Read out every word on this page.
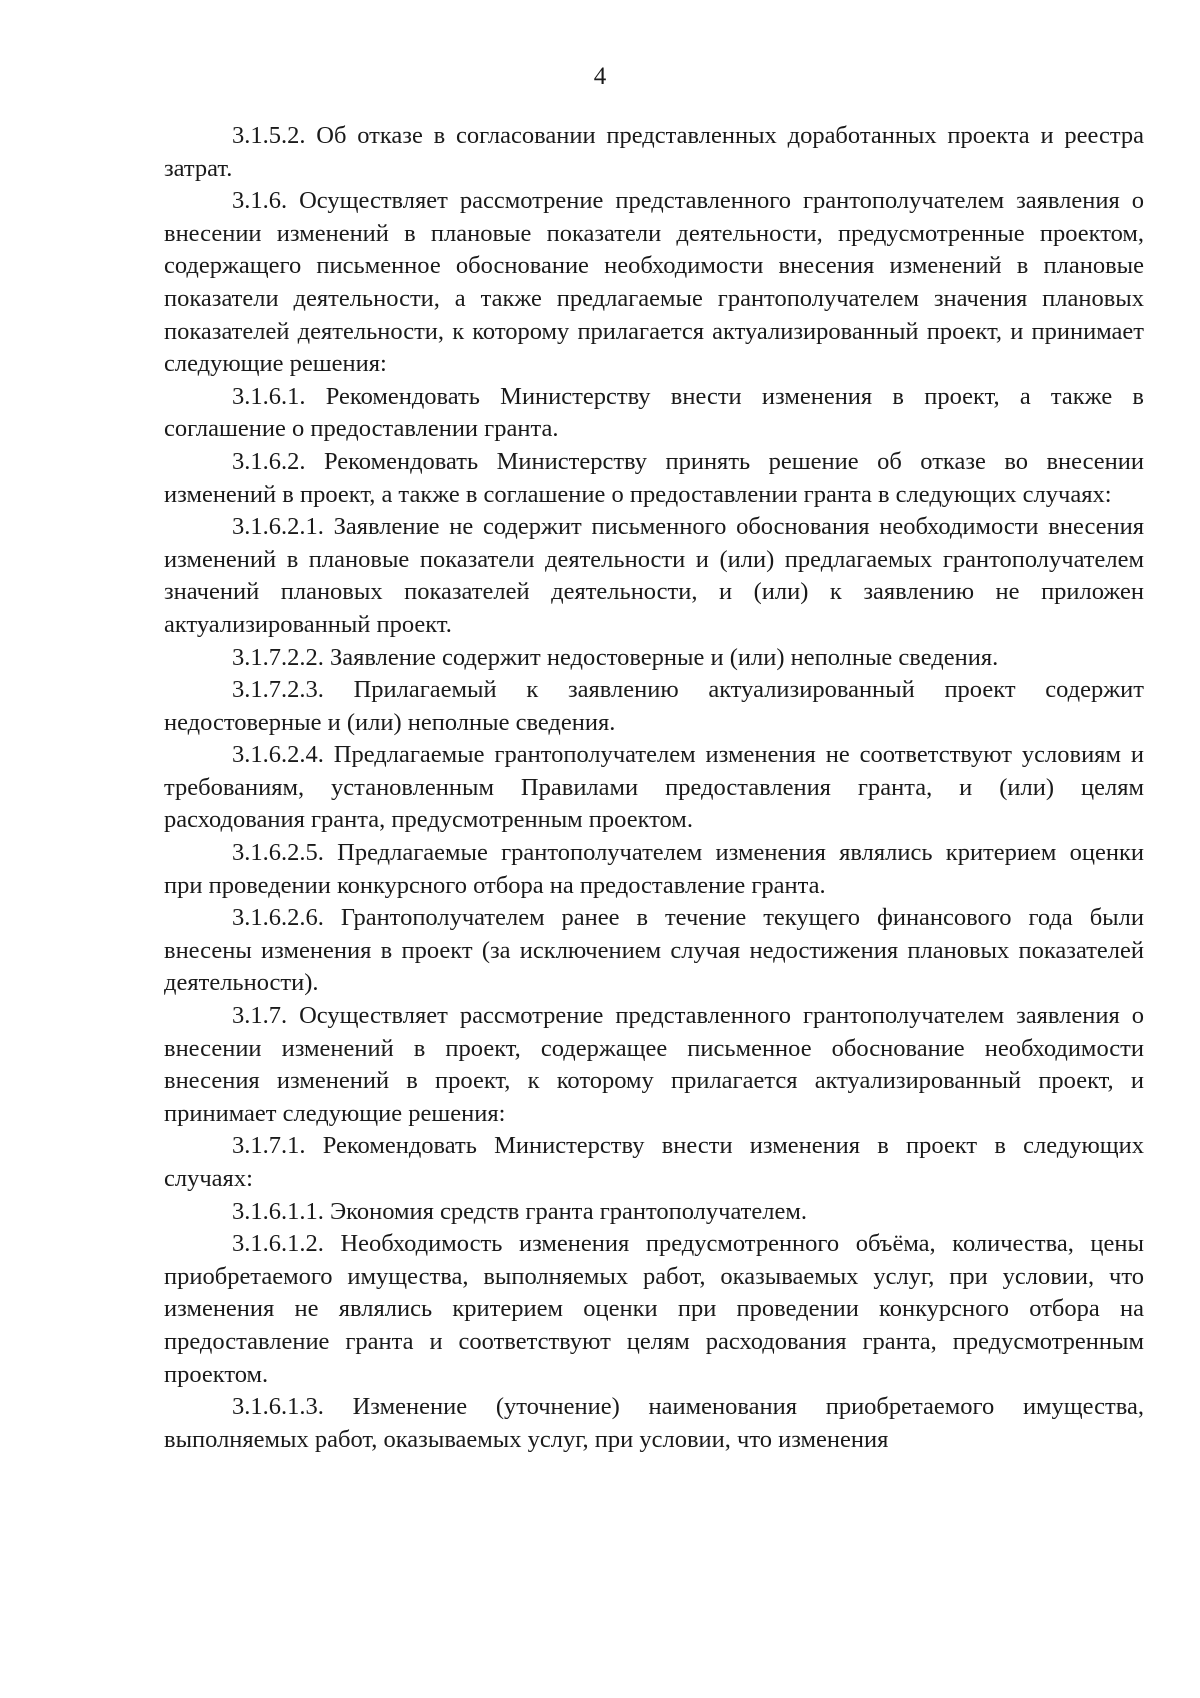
4

3.1.5.2. Об отказе в согласовании представленных доработанных проекта и реестра затрат.

3.1.6. Осуществляет рассмотрение представленного грантополучателем заявления о внесении изменений в плановые показатели деятельности, предусмотренные проектом, содержащего письменное обоснование необходимости внесения изменений в плановые показатели деятельности, а также предлагаемые грантополучателем значения плановых показателей деятельности, к которому прилагается актуализированный проект, и принимает следующие решения:

3.1.6.1. Рекомендовать Министерству внести изменения в проект, а также в соглашение о предоставлении гранта.

3.1.6.2. Рекомендовать Министерству принять решение об отказе во внесении изменений в проект, а также в соглашение о предоставлении гранта в следующих случаях:

3.1.6.2.1. Заявление не содержит письменного обоснования необходимости внесения изменений в плановые показатели деятельности и (или) предлагаемых грантополучателем значений плановых показателей деятельности, и (или) к заявлению не приложен актуализированный проект.

3.1.7.2.2. Заявление содержит недостоверные и (или) неполные сведения.

3.1.7.2.3. Прилагаемый к заявлению актуализированный проект содержит недостоверные и (или) неполные сведения.

3.1.6.2.4. Предлагаемые грантополучателем изменения не соответствуют условиям и требованиям, установленным Правилами предоставления гранта, и (или) целям расходования гранта, предусмотренным проектом.

3.1.6.2.5. Предлагаемые грантополучателем изменения являлись критерием оценки при проведении конкурсного отбора на предоставление гранта.

3.1.6.2.6. Грантополучателем ранее в течение текущего финансового года были внесены изменения в проект (за исключением случая недостижения плановых показателей деятельности).

3.1.7. Осуществляет рассмотрение представленного грантополучателем заявления о внесении изменений в проект, содержащее письменное обоснование необходимости внесения изменений в проект, к которому прилагается актуализированный проект, и принимает следующие решения:

3.1.7.1. Рекомендовать Министерству внести изменения в проект в следующих случаях:

3.1.6.1.1. Экономия средств гранта грантополучателем.

3.1.6.1.2. Необходимость изменения предусмотренного объёма, количества, цены приобретаемого имущества, выполняемых работ, оказываемых услуг, при условии, что изменения не являлись критерием оценки при проведении конкурсного отбора на предоставление гранта и соответствуют целям расходования гранта, предусмотренным проектом.

3.1.6.1.3. Изменение (уточнение) наименования приобретаемого имущества, выполняемых работ, оказываемых услуг, при условии, что изменения
